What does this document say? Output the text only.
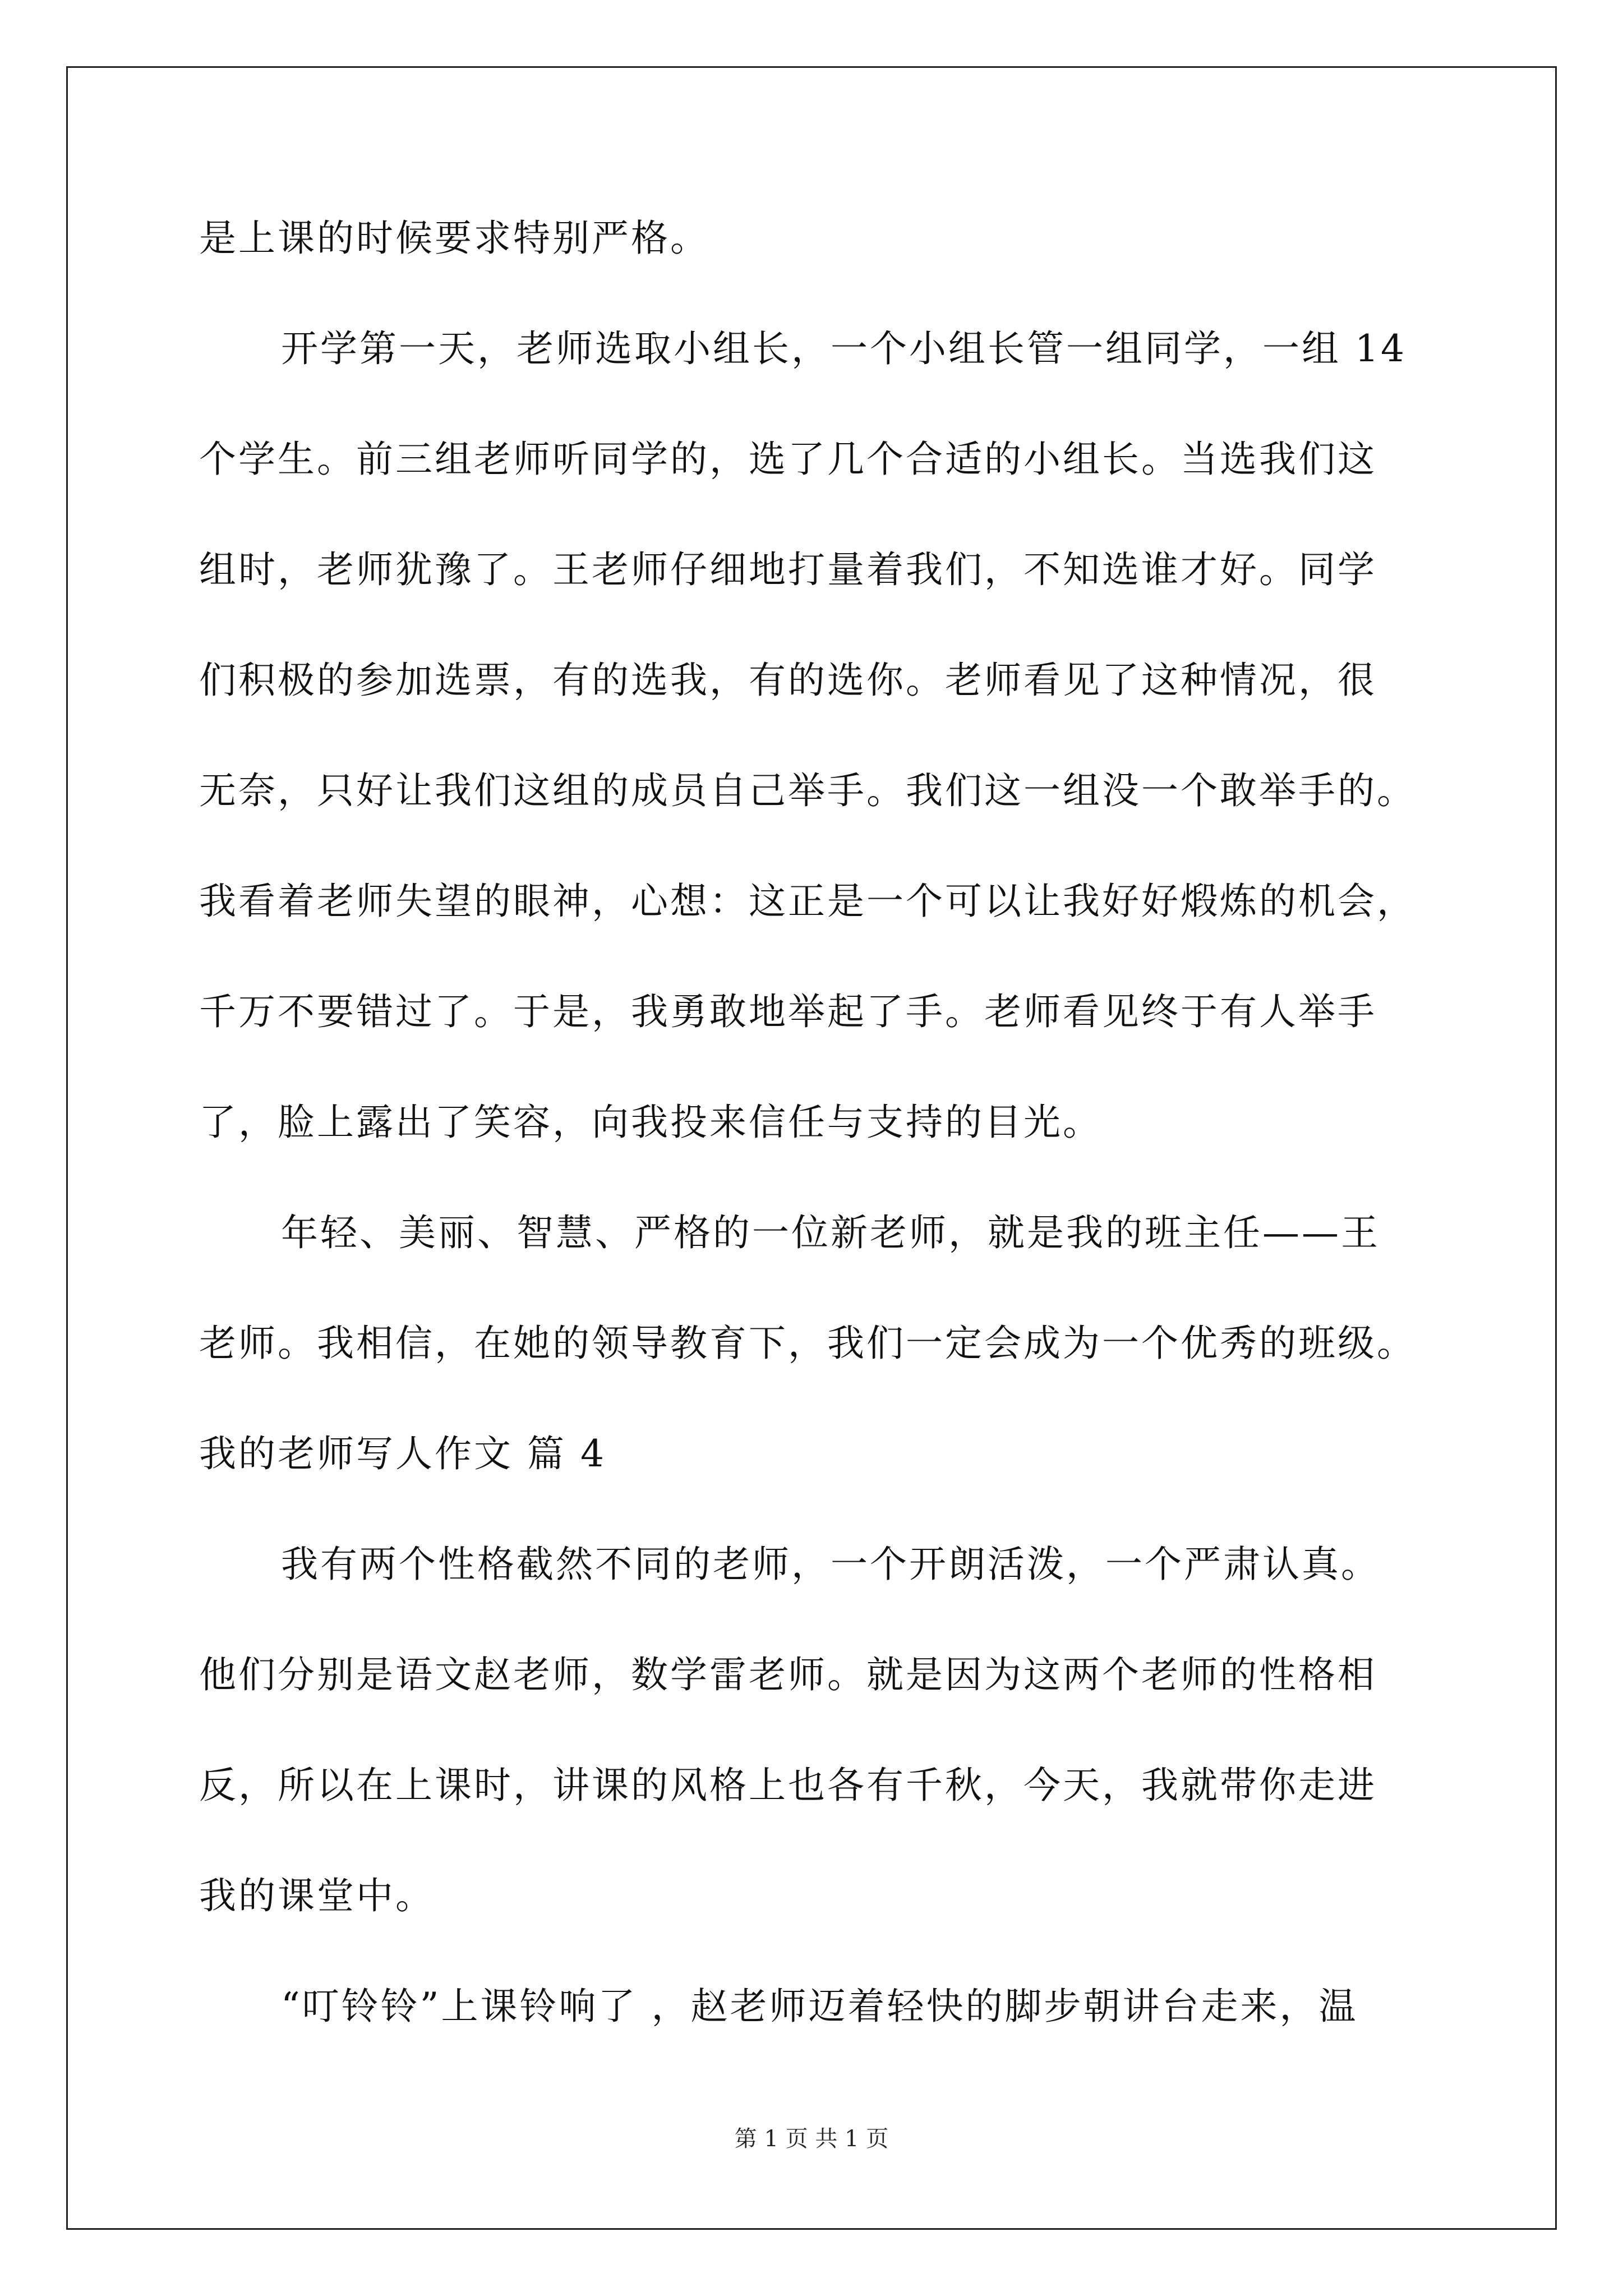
是上课的时候要求特别严格。
开学第一天，老师选取小组长，一个小组长管一组同学，一组 14
个学生。前三组老师听同学的，选了几个合适的小组长。当选我们这
组时，老师犹豫了。王老师仔细地打量着我们，不知选谁才好。同学
们积极的参加选票，有的选我，有的选你。老师看见了这种情况，很
无奈，只好让我们这组的成员自己举手。我们这一组没一个敢举手的。
我看着老师失望的眼神，心想：这正是一个可以让我好好煅炼的机会，
千万不要错过了。于是，我勇敢地举起了手。老师看见终于有人举手
了，脸上露出了笑容，向我投来信任与支持的目光。
年轻、美丽、智慧、严格的一位新老师，就是我的班主任——王
老师。我相信，在她的领导教育下，我们一定会成为一个优秀的班级。
我的老师写人作文 篇 4
我有两个性格截然不同的老师，一个开朗活泼，一个严肃认真。
他们分别是语文赵老师，数学雷老师。就是因为这两个老师的性格相
反，所以在上课时，讲课的风格上也各有千秋，今天，我就带你走进
我的课堂中。
“叮铃铃”上课铃响了 ，赵老师迈着轻快的脚步朝讲台走来，温
第 1 页 共 1 页
